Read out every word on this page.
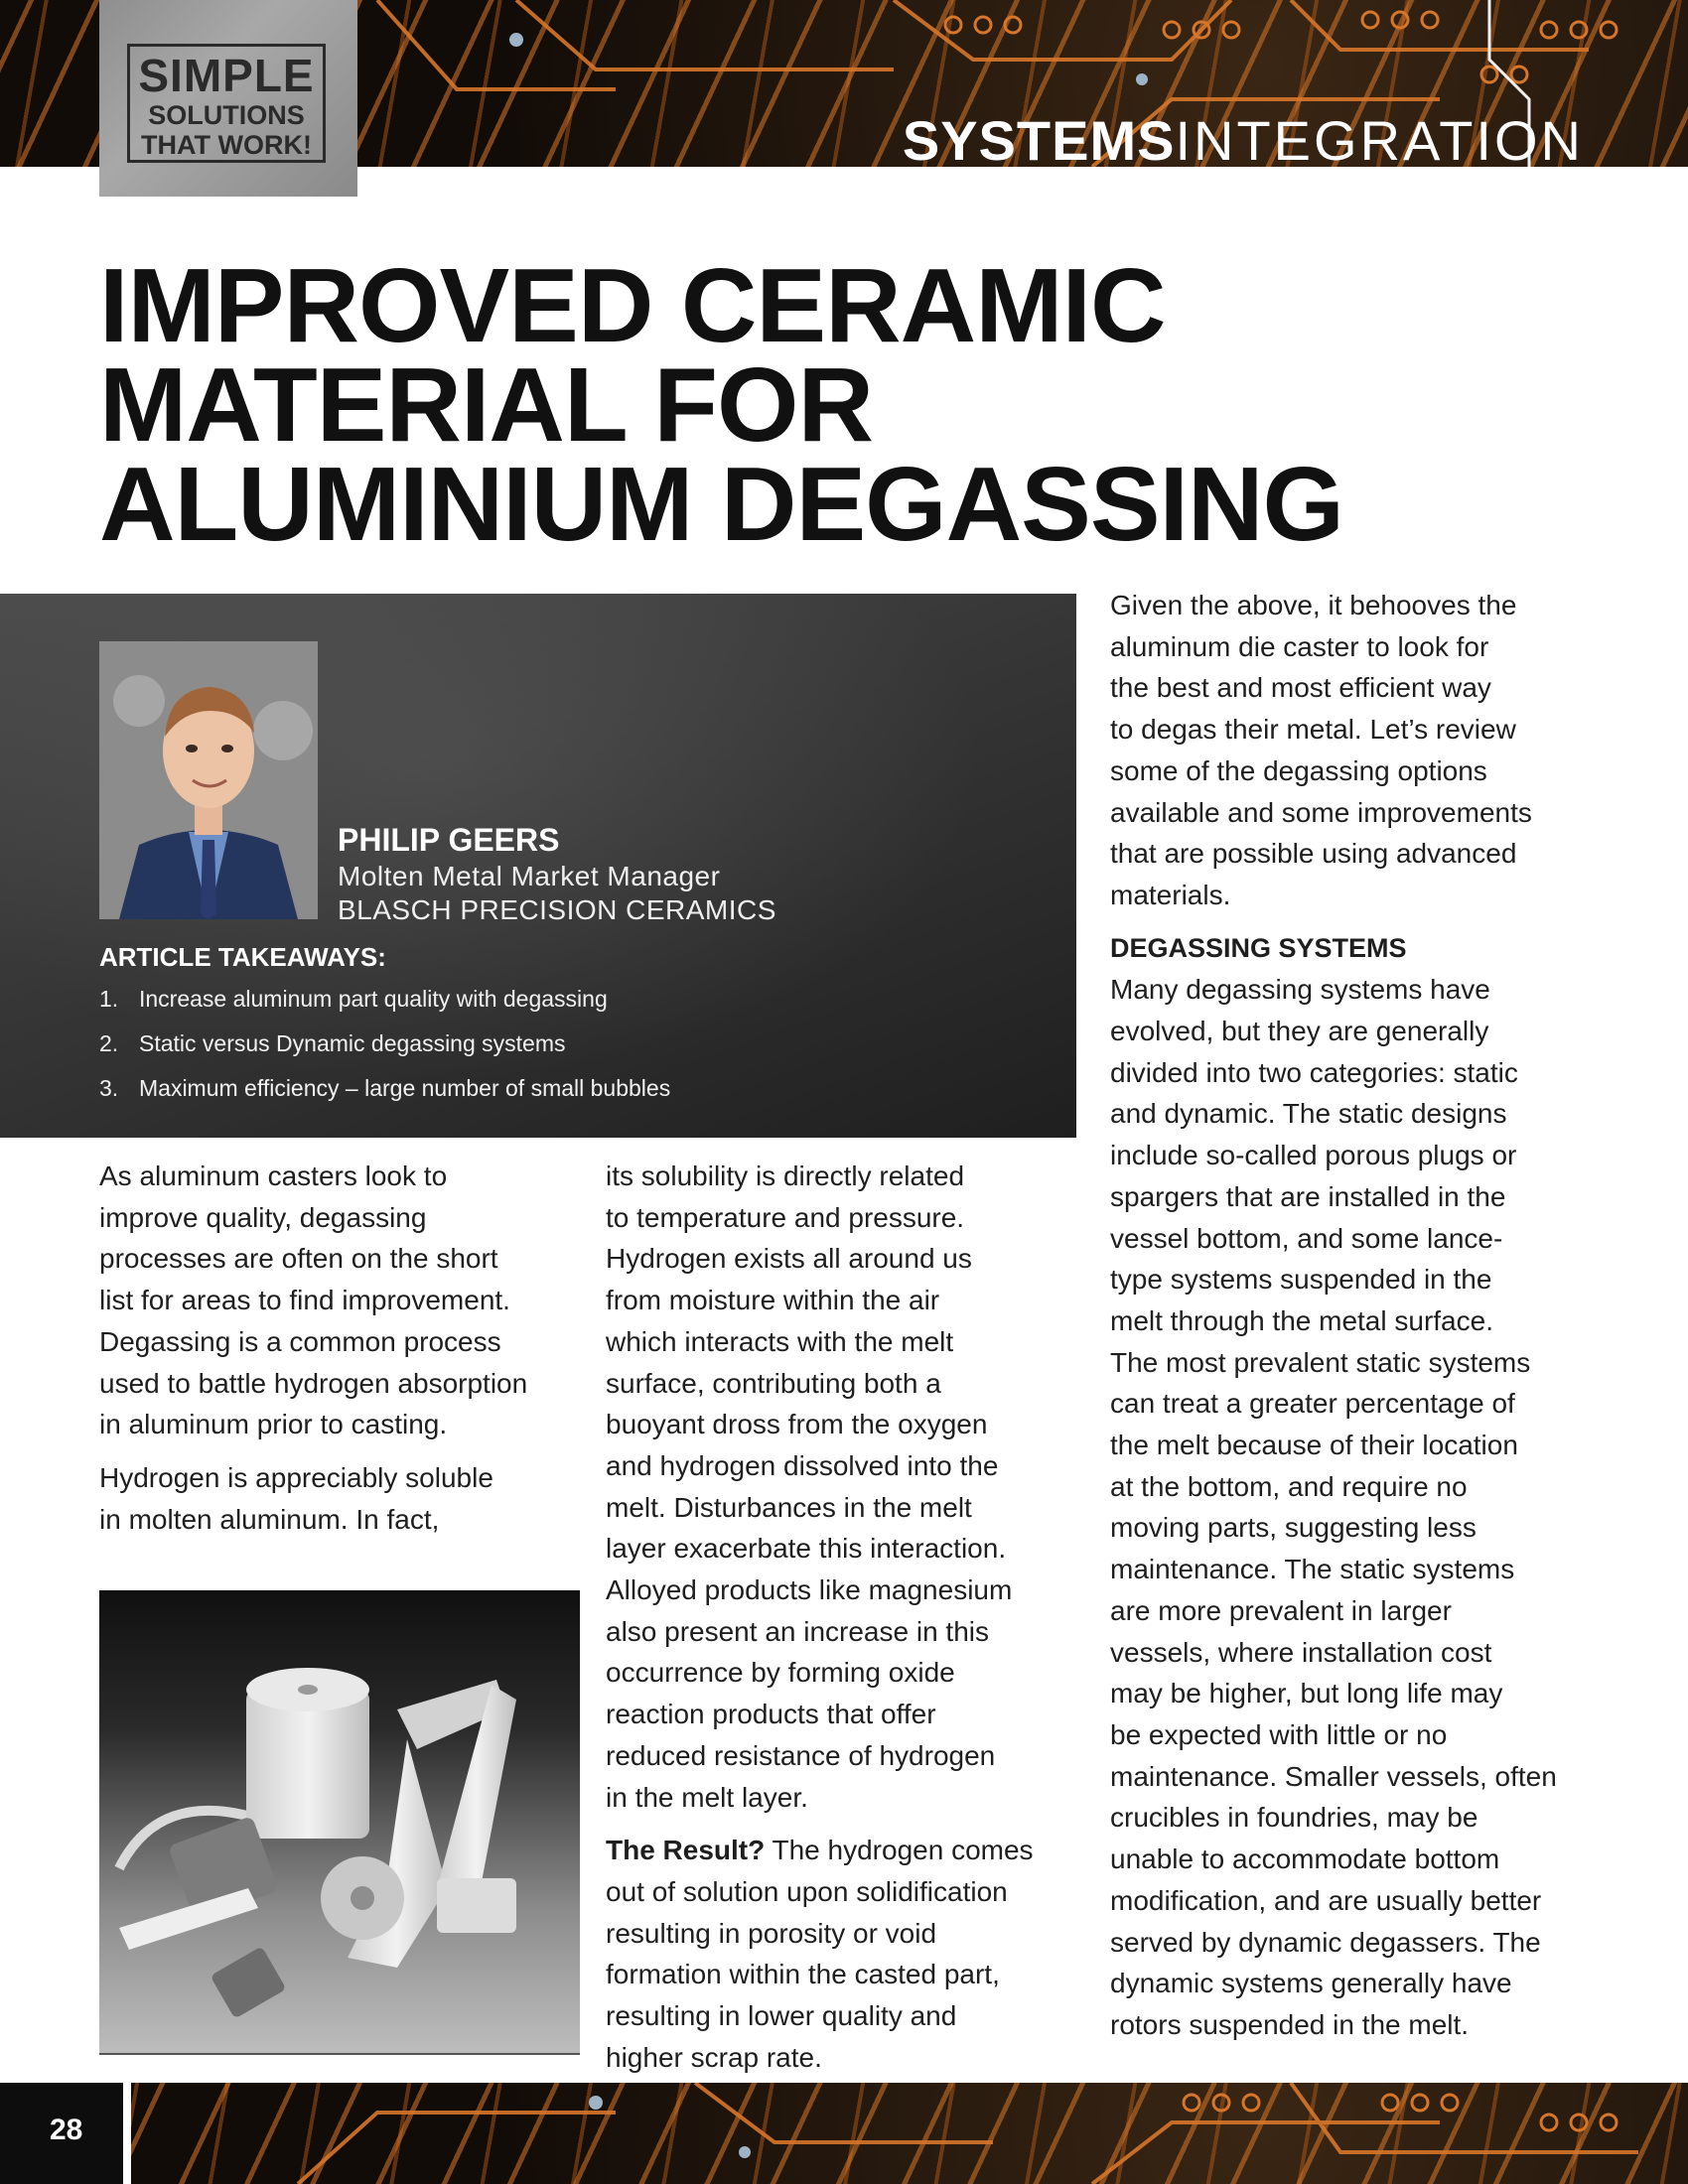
SIMPLE
SOLUTIONS
THAT WORK!	SYSTEMSINTEGRATION
IMPROVED CERAMIC
MATERIAL FOR
ALUMINIUM DEGASSING
PHILIP GEERS
Molten Metal Market Manager
BLASCH PRECISION CERAMICS
ARTICLE TAKEAWAYS:
1. Increase aluminum part quality with degassing
2. Static versus Dynamic degassing systems
3. Maximum efficiency – large number of small bubbles

As aluminum casters look to
improve quality, degassing
processes are often on the short
list for areas to find improvement.
Degassing is a common process
used to battle hydrogen absorption
in aluminum prior to casting.

Hydrogen is appreciably soluble
in molten aluminum. In fact,

its solubility is directly related
to temperature and pressure.
Hydrogen exists all around us
from moisture within the air
which interacts with the melt
surface, contributing both a
buoyant dross from the oxygen
and hydrogen dissolved into the
melt. Disturbances in the melt
layer exacerbate this interaction.
Alloyed products like magnesium
also present an increase in this
occurrence by forming oxide
reaction products that offer
reduced resistance of hydrogen
in the melt layer.

The Result? The hydrogen comes
out of solution upon solidification
resulting in porosity or void
formation within the casted part,
resulting in lower quality and
higher scrap rate.

Given the above, it behooves the
aluminum die caster to look for
the best and most efficient way
to degas their metal. Let’s review
some of the degassing options
available and some improvements
that are possible using advanced
materials.

DEGASSING SYSTEMS

Many degassing systems have
evolved, but they are generally
divided into two categories: static
and dynamic. The static designs
include so-called porous plugs or
spargers that are installed in the
vessel bottom, and some lance-
type systems suspended in the
melt through the metal surface.
The most prevalent static systems
can treat a greater percentage of
the melt because of their location
at the bottom, and require no
moving parts, suggesting less
maintenance. The static systems
are more prevalent in larger
vessels, where installation cost
may be higher, but long life may
be expected with little or no
maintenance. Smaller vessels, often
crucibles in foundries, may be
unable to accommodate bottom
modification, and are usually better
served by dynamic degassers. The
dynamic systems generally have
rotors suspended in the melt.

28
